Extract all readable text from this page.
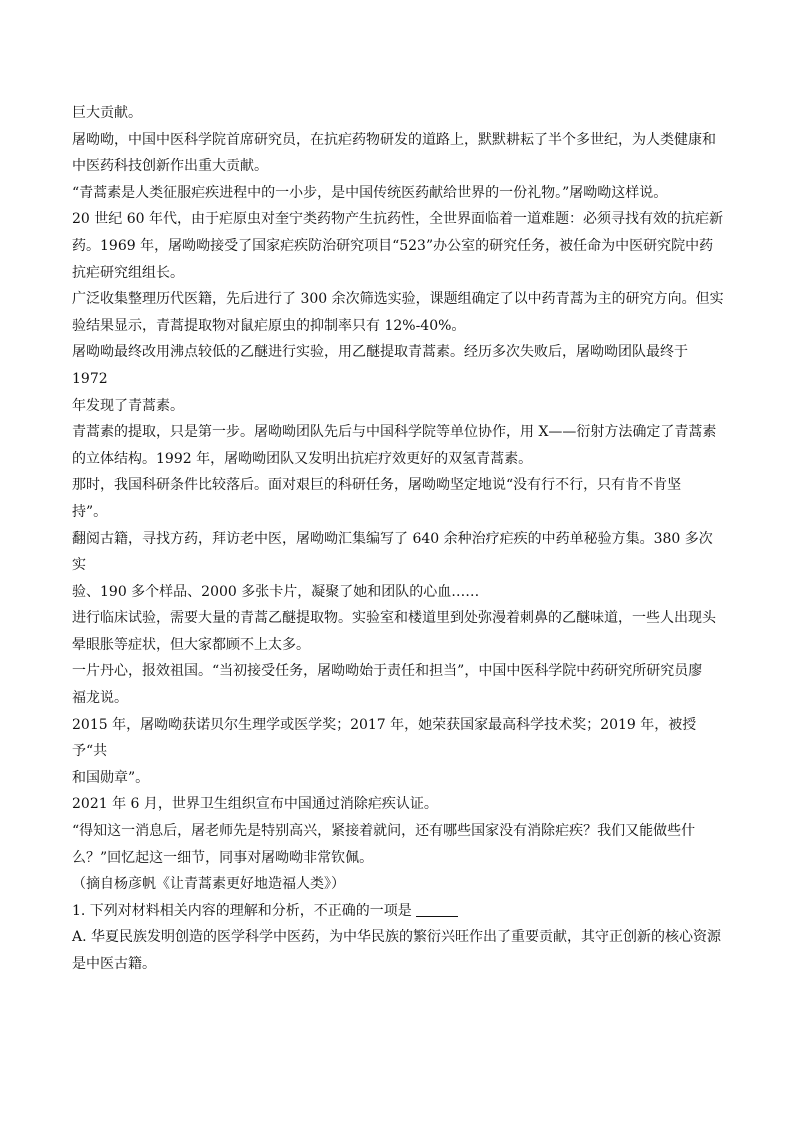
巨大贡献。

屠呦呦，中国中医科学院首席研究员，在抗疟药物研发的道路上，默默耕耘了半个多世纪，为人类健康和
中医药科技创新作出重大贡献。

“青蒿素是人类征服疟疾进程中的一小步，是中国传统医药献给世界的一份礼物。”屠呦呦这样说。

20 世纪 60 年代，由于疟原虫对奎宁类药物产生抗药性，全世界面临着一道难题：必须寻找有效的抗疟新
药。1969 年，屠呦呦接受了国家疟疾防治研究项目“523”办公室的研究任务，被任命为中医研究院中药
抗疟研究组组长。

广泛收集整理历代医籍，先后进行了 300 余次筛选实验，课题组确定了以中药青蒿为主的研究方向。但实
验结果显示，青蒿提取物对鼠疟原虫的抑制率只有 12%-40%。

屠呦呦最终改用沸点较低的乙醚进行实验，用乙醚提取青蒿素。经历多次失败后，屠呦呦团队最终于 1972
年发现了青蒿素。

青蒿素的提取，只是第一步。屠呦呦团队先后与中国科学院等单位协作，用 X——衍射方法确定了青蒿素
的立体结构。1992 年，屠呦呦团队又发明出抗疟疗效更好的双氢青蒿素。

那时，我国科研条件比较落后。面对艰巨的科研任务，屠呦呦坚定地说“没有行不行，只有肯不肯坚
持”。

翻阅古籍，寻找方药，拜访老中医，屠呦呦汇集编写了 640 余种治疗疟疾的中药单秘验方集。380 多次实
验、190 多个样品、2000 多张卡片，凝聚了她和团队的心血……

进行临床试验，需要大量的青蒿乙醚提取物。实验室和楼道里到处弥漫着刺鼻的乙醚味道，一些人出现头
晕眼胀等症状，但大家都顾不上太多。

一片丹心，报效祖国。“当初接受任务，屠呦呦始于责任和担当”，中国中医科学院中药研究所研究员廖
福龙说。

2015 年，屠呦呦获诺贝尔生理学或医学奖；2017 年，她荣获国家最高科学技术奖；2019 年，被授予“共
和国勋章”。

2021 年 6 月，世界卫生组织宣布中国通过消除疟疾认证。

“得知这一消息后，屠老师先是特别高兴，紧接着就问，还有哪些国家没有消除疟疾？我们又能做些什
么？”回忆起这一细节，同事对屠呦呦非常钦佩。

（摘自杨彦帆《让青蒿素更好地造福人类》）

1. 下列对材料相关内容的理解和分析，不正确的一项是

A. 华夏民族发明创造的医学科学中医药，为中华民族的繁衍兴旺作出了重要贡献，其守正创新的核心资源
是中医古籍。
